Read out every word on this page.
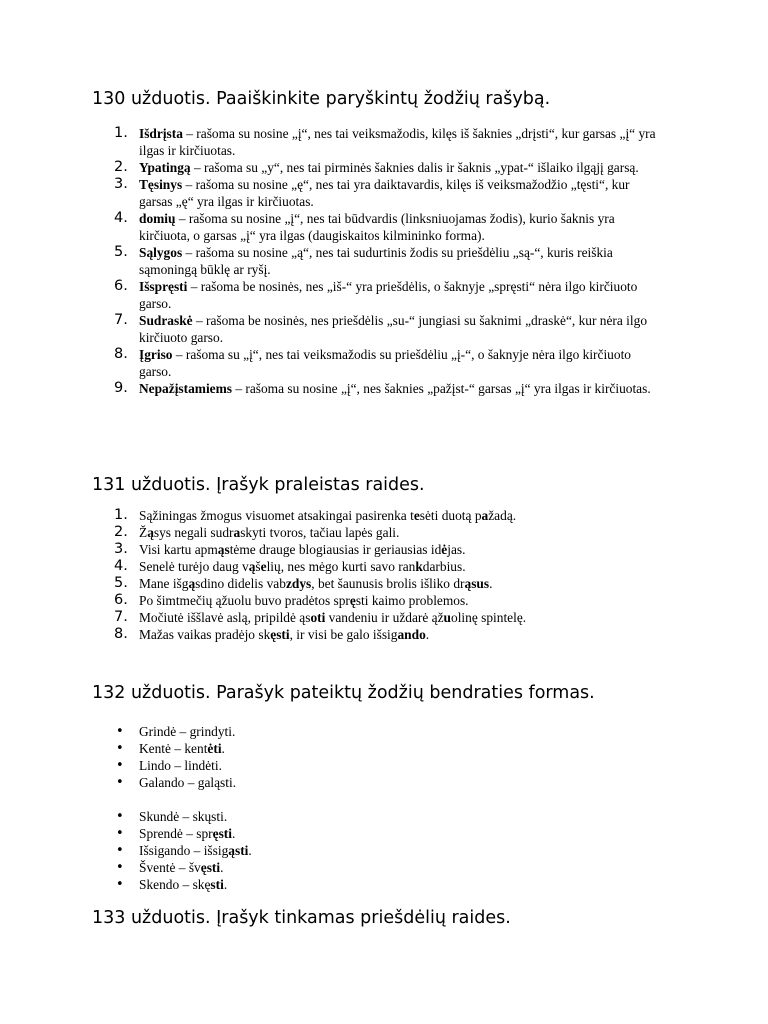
130 užduotis. Paaiškinkite paryškintų žodžių rašybą.
1. Išdrįsta – rašoma su nosine „į“, nes tai veiksmažodis, kilęs iš šaknies „drįsti“, kur garsas „į“ yra ilgas ir kirčiuotas.
2. Ypatingą – rašoma su „y“, nes tai pirminės šaknies dalis ir šaknis „ypat-“ išlaiko ilgąjį garsą.
3. Tęsinys – rašoma su nosine „ę“, nes tai yra daiktavardis, kilęs iš veiksmažodžio „tęsti“, kur garsas „ę“ yra ilgas ir kirčiuotas.
4. domių – rašoma su nosine „į“, nes tai būdvardis (linksniuojamas žodis), kurio šaknis yra kirčiuota, o garsas „į“ yra ilgas (daugiskaitos kilmininko forma).
5. Sąlygos – rašoma su nosine „ą“, nes tai sudurtinis žodis su priešdėliu „są-“, kuris reiškia sąmoningą būklę ar ryšį.
6. Išspręsti – rašoma be nosinės, nes „iš-“ yra priešdėlis, o šaknyje „spręsti“ nėra ilgo kirčiuoto garso.
7. Sudraskė – rašoma be nosinės, nes priešdėlis „su-“ jungiasi su šaknimi „draskė“, kur nėra ilgo kirčiuoto garso.
8. Įgriso – rašoma su „į“, nes tai veiksmažodis su priešdėliu „į-“, o šaknyje nėra ilgo kirčiuoto garso.
9. Nepažįstamiems – rašoma su nosine „į“, nes šaknies „pažįst-“ garsas „į“ yra ilgas ir kirčiuotas.
131 užduotis. Įrašyk praleistas raides.
1. Sąžiningas žmogus visuomet atsakingai pasirenka tesėti duotą pažadą.
2. Žąsys negali sudraskyti tvoros, tačiau lapės gali.
3. Visi kartu apmąstėme drauge blogiausias ir geriausias idėjas.
4. Senelė turėjo daug vąšelių, nes mėgo kurti savo rankdarbius.
5. Mane išgąsdino didelis vabzdys, bet šaunusis brolis išliko drąsus.
6. Po šimtmečių ąžuolu buvo pradėtos spręsti kaimo problemos.
7. Močiutė iššlavė aslą, pripildė ąsoti vandeniu ir uždarė ąžuolinę spintelę.
8. Mažas vaikas pradėjo skęsti, ir visi be galo išsigando.
132 užduotis. Parašyk pateiktų žodžių bendraties formas.
• Grindė – grindyti.
• Kentė – kentėti.
• Lindo – lindėti.
• Galando – galąsti.
• Skundė – skųsti.
• Sprendė – spręsti.
• Išsigando – išsigąsti.
• Šventė – švęsti.
• Skendo – skęsti.
133 užduotis. Įrašyk tinkamas priešdėlių raides.
